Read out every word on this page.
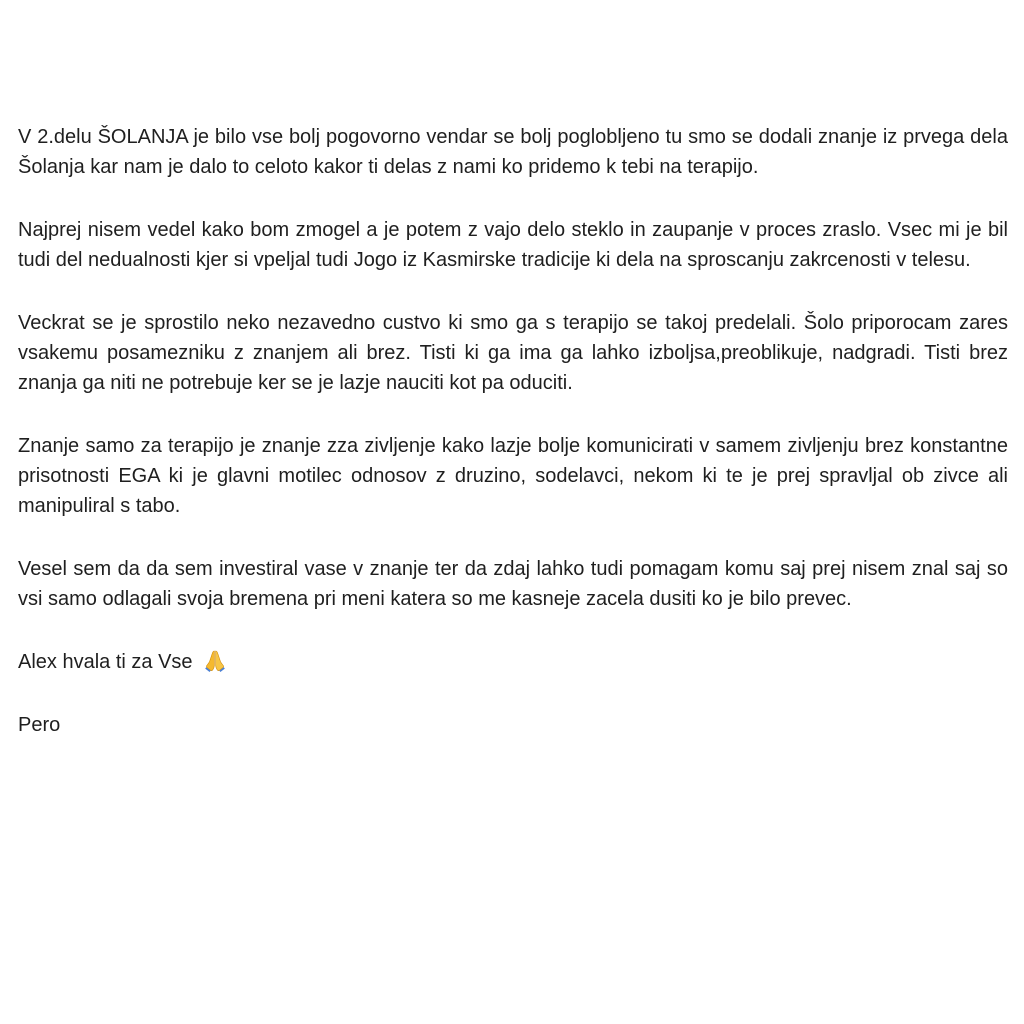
V 2.delu ŠOLANJA je bilo vse bolj pogovorno vendar se bolj poglobljeno tu smo se dodali znanje iz prvega dela Šolanja kar nam je dalo to celoto kakor ti delas z nami ko pridemo k tebi na terapijo.

Najprej nisem vedel kako bom zmogel a je potem z vajo delo steklo in zaupanje v proces zraslo. Vsec mi je bil tudi del nedualnosti kjer si vpeljal tudi Jogo iz Kasmirske tradicije ki dela na sproscanju zakrcenosti v telesu.

Veckrat se je sprostilo neko nezavedno custvo ki smo ga s terapijo se takoj predelali. Šolo priporocam zares vsakemu posamezniku z znanjem ali brez. Tisti ki ga ima ga lahko izboljsa,preoblikuje, nadgradi. Tisti brez znanja ga niti ne potrebuje ker se je lazje nauciti kot pa oduciti.

Znanje samo za terapijo je znanje zza zivljenje kako lazje bolje komunicirati v samem zivljenju brez konstantne prisotnosti EGA ki je glavni motilec odnosov z druzino, sodelavci, nekom ki te je prej spravljal ob zivce ali manipuliral s tabo.

Vesel sem da da sem investiral vase v znanje ter da zdaj lahko tudi pomagam komu saj prej nisem znal saj so vsi samo odlagali svoja bremena pri meni katera so me kasneje zacela dusiti ko je bilo prevec.

Alex hvala ti za Vse

Pero
